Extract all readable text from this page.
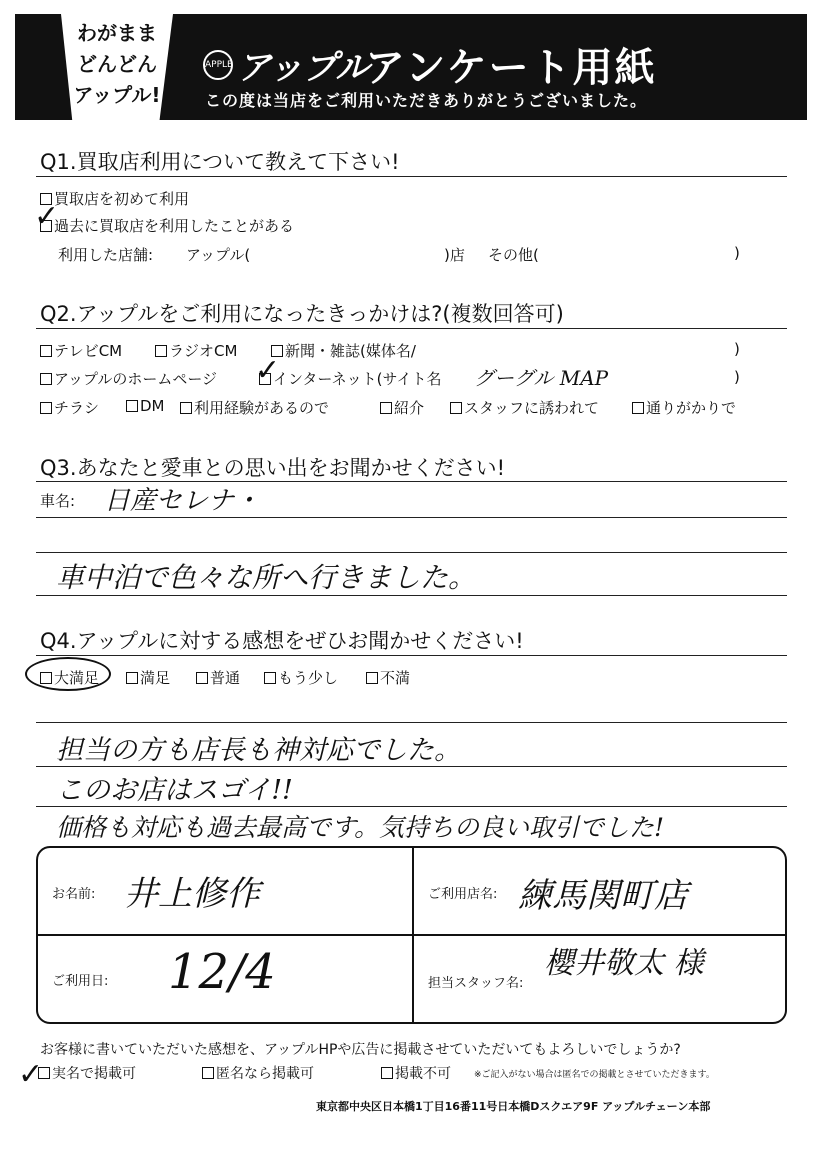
わがまま
どんどん
アップル!
APPLE アップル
アンケート用紙
この度は当店をご利用いただきありがとうございました。
Q1.買取店利用について教えて下さい!
買取店を初めて利用
過去に買取店を利用したことがある
✓
利用した店舗: アップル(	)店 その他(	)
Q2.アップルをご利用になったきっかけは?(複数回答可)
テレビCM	ラジオCM	新聞・雑誌(媒体名/	)
アップルのホームページ	インターネット(サイト名
✓	グーグル MAP	)
チラシ	DM	利用経験があるので	紹介	スタッフに誘われて	通りがかりで
Q3.あなたと愛車との思い出をお聞かせください!
車名: 日産セレナ・
車中泊で色々な所へ行きました。
Q4.アップルに対する感想をぜひお聞かせください!
大満足	満足	普通	もう少し	不満
担当の方も店長も神対応でした。
このお店はスゴイ!!
価格も対応も過去最高です。気持ちの良い取引でした!
お名前: 井上修作	ご利用店名: 練馬関町店
ご利用日: 12/4	担当スタッフ名:
櫻井敬太 様
お客様に書いていただいた感想を、アップルHPや広告に掲載させていただいてもよろしいでしょうか?
実名で掲載可
✓	匿名なら掲載可	掲載不可	※ご記入がない場合は匿名での掲載とさせていただきます。
東京都中央区日本橋1丁目16番11号日本橋Dスクエア9F アップルチェーン本部
